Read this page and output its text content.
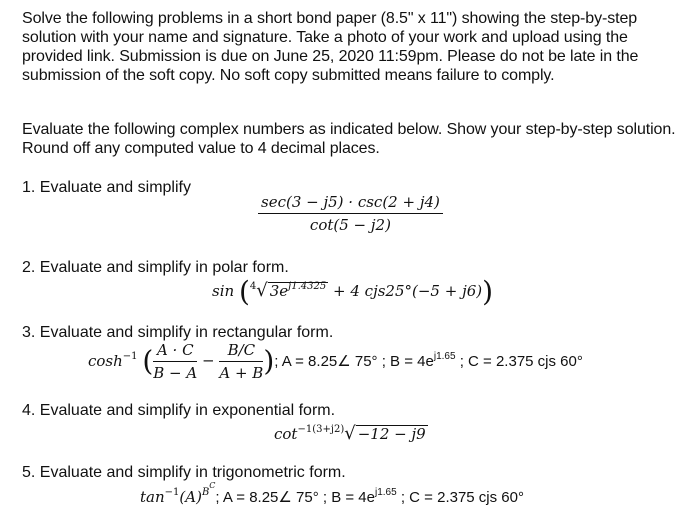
Solve the following problems in a short bond paper (8.5" x 11") showing the step-by-step solution with your name and signature. Take a photo of your work and upload using the provided link. Submission is due on June 25, 2020 11:59pm. Please do not be late in the submission of the soft copy. No soft copy submitted means failure to comply.
Evaluate the following complex numbers as indicated below. Show your step-by-step solution. Round off any computed value to 4 decimal places.
1. Evaluate and simplify
$\frac{\sec(3 - j5) \cdot \csc(2 + j4)}{\cot(5 - j2)}$
2. Evaluate and simplify in polar form.
sin ($^4$√ $3e^{j1.4325} + 4$ cjs25°(−5 + j6))
3. Evaluate and simplify in rectangular form.
$\cosh^{-1}$ ( $\frac{A \cdot C}{B - A} - \frac{B/C}{A + B}$ ); A = 8.25∠ 75° ; $B = 4e^{j1.65}$ ; C = 2.375 cjs 60°
4. Evaluate and simplify in exponential form.
$\cot^{-1(3+j2)}√ -12 - j9$
5. Evaluate and simplify in trigonometric form.
$\tan^{-1}(A)^{B^C}$; A = 8.25∠ 75° ; $B = 4e^{j1.65}$ ; C = 2.375 cjs 60°
